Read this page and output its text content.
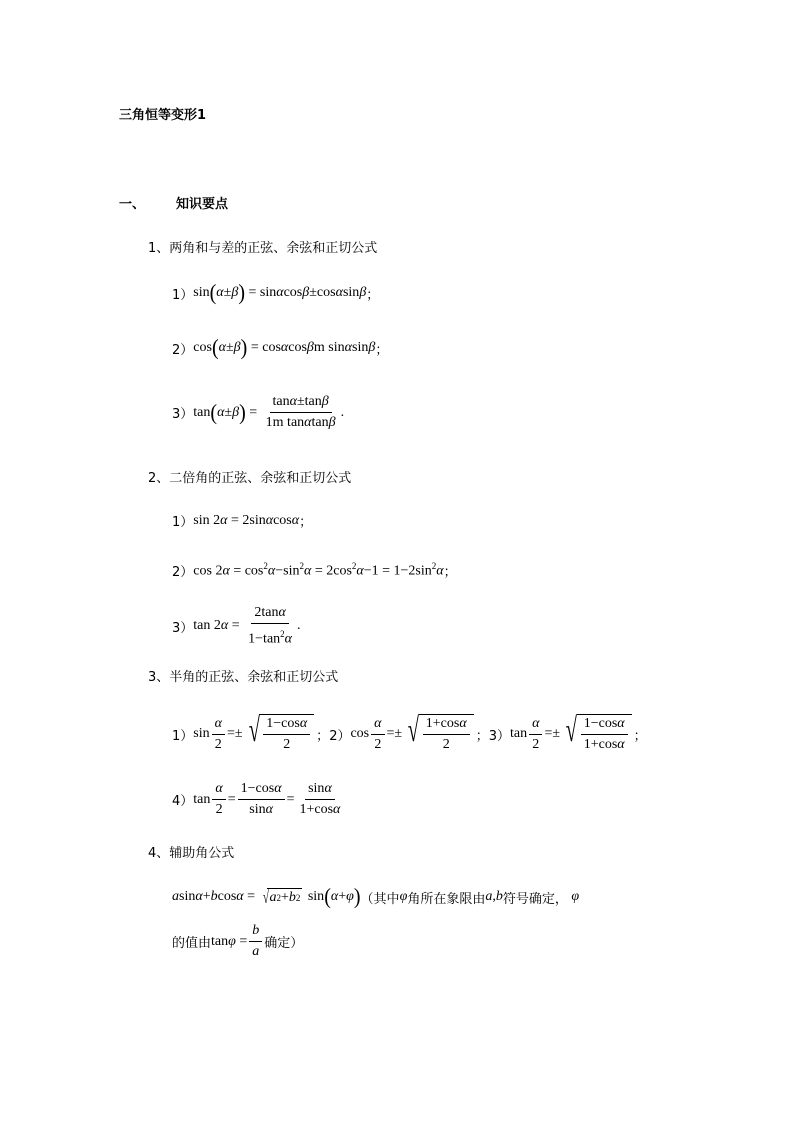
三角恒等变形1
一、 知识要点
1、两角和与差的正弦、余弦和正切公式
1） sin ( α ± β ) = sinαcosβ±cosαsinβ ；
2） cos ( α ± β ) = cosαcosβm sinαsinβ ；
3） tan ( α ± β ) = $\frac{\tan\alpha\pm\tan\beta}{\text{1m tanαtanβ}}$ .
2、二倍角的正弦、余弦和正切公式
1） sin 2α = 2sinαcosα ；
2） $\cos 2\alpha = \cos^2\alpha-\sin^2\alpha = 2\cos^2\alpha-1 = 1-2\sin^2\alpha$ ；
3） $\tan 2\alpha = \frac{2\tan\alpha}{1-\tan^2\alpha}$ .
3、半角的正弦、余弦和正切公式
1） $\sin \frac{\alpha}{2}$ =± √ $\frac{1-\cos\alpha}{2}$ ； 2） $\cos \frac{\alpha}{2}$ =± √ $\frac{1+\cos\alpha}{2}$ ； 3） $\tan \frac{\alpha}{2}$ =± √ $\frac{1-\cos\alpha}{1+\cos\alpha}$ ；
4） $\tan \frac{\alpha}{2} = \frac{1-\cos\alpha}{\sin\alpha} = \frac{\sin\alpha}{1+\cos\alpha}$
4、辅助角公式
asinα+bcosα = √ a 2 + b 2 sin ( α + φ ) （其中 φ 角所在象限由 a , b 符号确定，
φ
的值由 $\tan\varphi = \frac{b}{a}$ 确定）
